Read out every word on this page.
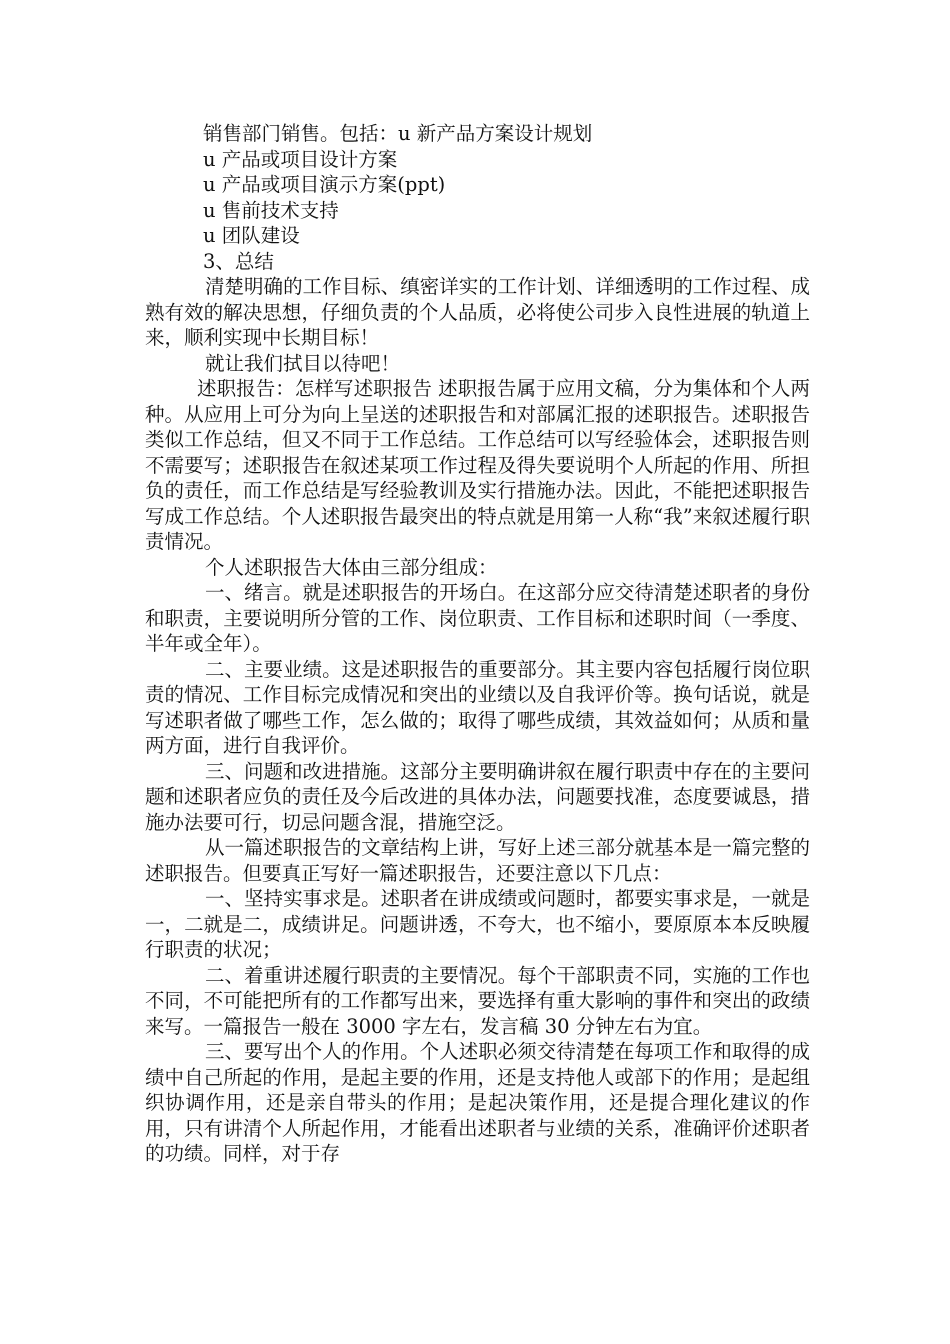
销售部门销售。包括：u 新产品方案设计规划

u 产品或项目设计方案

u 产品或项目演示方案(ppt)

u 售前技术支持

u 团队建设

3、总结

清楚明确的工作目标、缜密详实的工作计划、详细透明的工作过程、成熟有效的解决思想，仔细负责的个人品质，必将使公司步入良性进展的轨道上来，顺利实现中长期目标！

就让我们拭目以待吧！

述职报告：怎样写述职报告 述职报告属于应用文稿，分为集体和个人两种。从应用上可分为向上呈送的述职报告和对部属汇报的述职报告。述职报告类似工作总结，但又不同于工作总结。工作总结可以写经验体会，述职报告则不需要写；述职报告在叙述某项工作过程及得失要说明个人所起的作用、所担负的责任，而工作总结是写经验教训及实行措施办法。因此，不能把述职报告写成工作总结。个人述职报告最突出的特点就是用第一人称“我”来叙述履行职责情况。

个人述职报告大体由三部分组成：

一、绪言。就是述职报告的开场白。在这部分应交待清楚述职者的身份和职责，主要说明所分管的工作、岗位职责、工作目标和述职时间（一季度、半年或全年）。

二、主要业绩。这是述职报告的重要部分。其主要内容包括履行岗位职责的情况、工作目标完成情况和突出的业绩以及自我评价等。换句话说，就是写述职者做了哪些工作，怎么做的；取得了哪些成绩，其效益如何；从质和量两方面，进行自我评价。

三、问题和改进措施。这部分主要明确讲叙在履行职责中存在的主要问题和述职者应负的责任及今后改进的具体办法，问题要找准，态度要诚恳，措施办法要可行，切忌问题含混，措施空泛。

从一篇述职报告的文章结构上讲，写好上述三部分就基本是一篇完整的述职报告。但要真正写好一篇述职报告，还要注意以下几点：

一、坚持实事求是。述职者在讲成绩或问题时，都要实事求是，一就是一，二就是二，成绩讲足。问题讲透，不夸大，也不缩小，要原原本本反映履行职责的状况；

二、着重讲述履行职责的主要情况。每个干部职责不同，实施的工作也不同，不可能把所有的工作都写出来，要选择有重大影响的事件和突出的政绩来写。一篇报告一般在 3000 字左右，发言稿 30 分钟左右为宜。

三、要写出个人的作用。个人述职必须交待清楚在每项工作和取得的成绩中自己所起的作用，是起主要的作用，还是支持他人或部下的作用；是起组织协调作用，还是亲自带头的作用；是起决策作用，还是提合理化建议的作用，只有讲清个人所起作用，才能看出述职者与业绩的关系，准确评价述职者的功绩。同样，对于存
